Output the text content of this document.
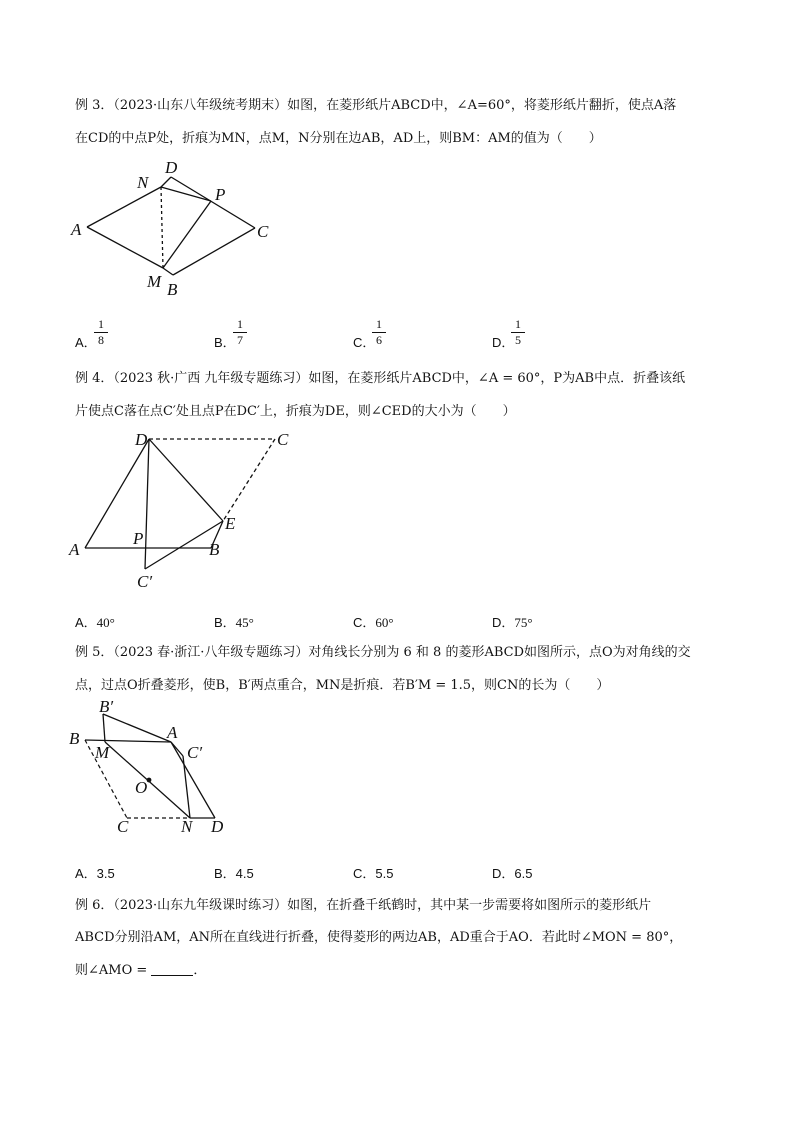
例 3．（2023·山东八年级统考期末）如图，在菱形纸片ABCD中，∠A=60°，将菱形纸片翻折，使点A落
在CD的中点P处，折痕为MN，点M，N分别在边AB，AD上，则BM：AM的值为（　　）
A
N
D
P
C
M B
A．
1
8	B．
1
7	C．
1
6	D．
1
5
例 4．（2023 秋·广西 九年级专题练习）如图，在菱形纸片ABCD中，∠A = 60°，P为AB中点．折叠该纸
片使点C落在点C′处且点P在DC′上，折痕为DE，则∠CED的大小为（　　）
D	C
E
A
P
B
C′
A．40°	B．45°	C．60°	D．75°
例 5．（2023 春·浙江·八年级专题练习）对角线长分别为 6 和 8 的菱形ABCD如图所示，点O为对角线的交
点，过点O折叠菱形，使B，B′两点重合，MN是折痕．若B′M = 1.5，则CN的长为（　　）
B′
B
M
A
C′
O
C	N D
A．3.5	B．4.5	C．5.5	D．6.5
例 6．（2023·山东九年级课时练习）如图，在折叠千纸鹤时，其中某一步需要将如图所示的菱形纸片
ABCD分别沿AM，AN所在直线进行折叠，使得菱形的两边AB，AD重合于AO．若此时∠MON = 80°，
则∠AMO =	．
